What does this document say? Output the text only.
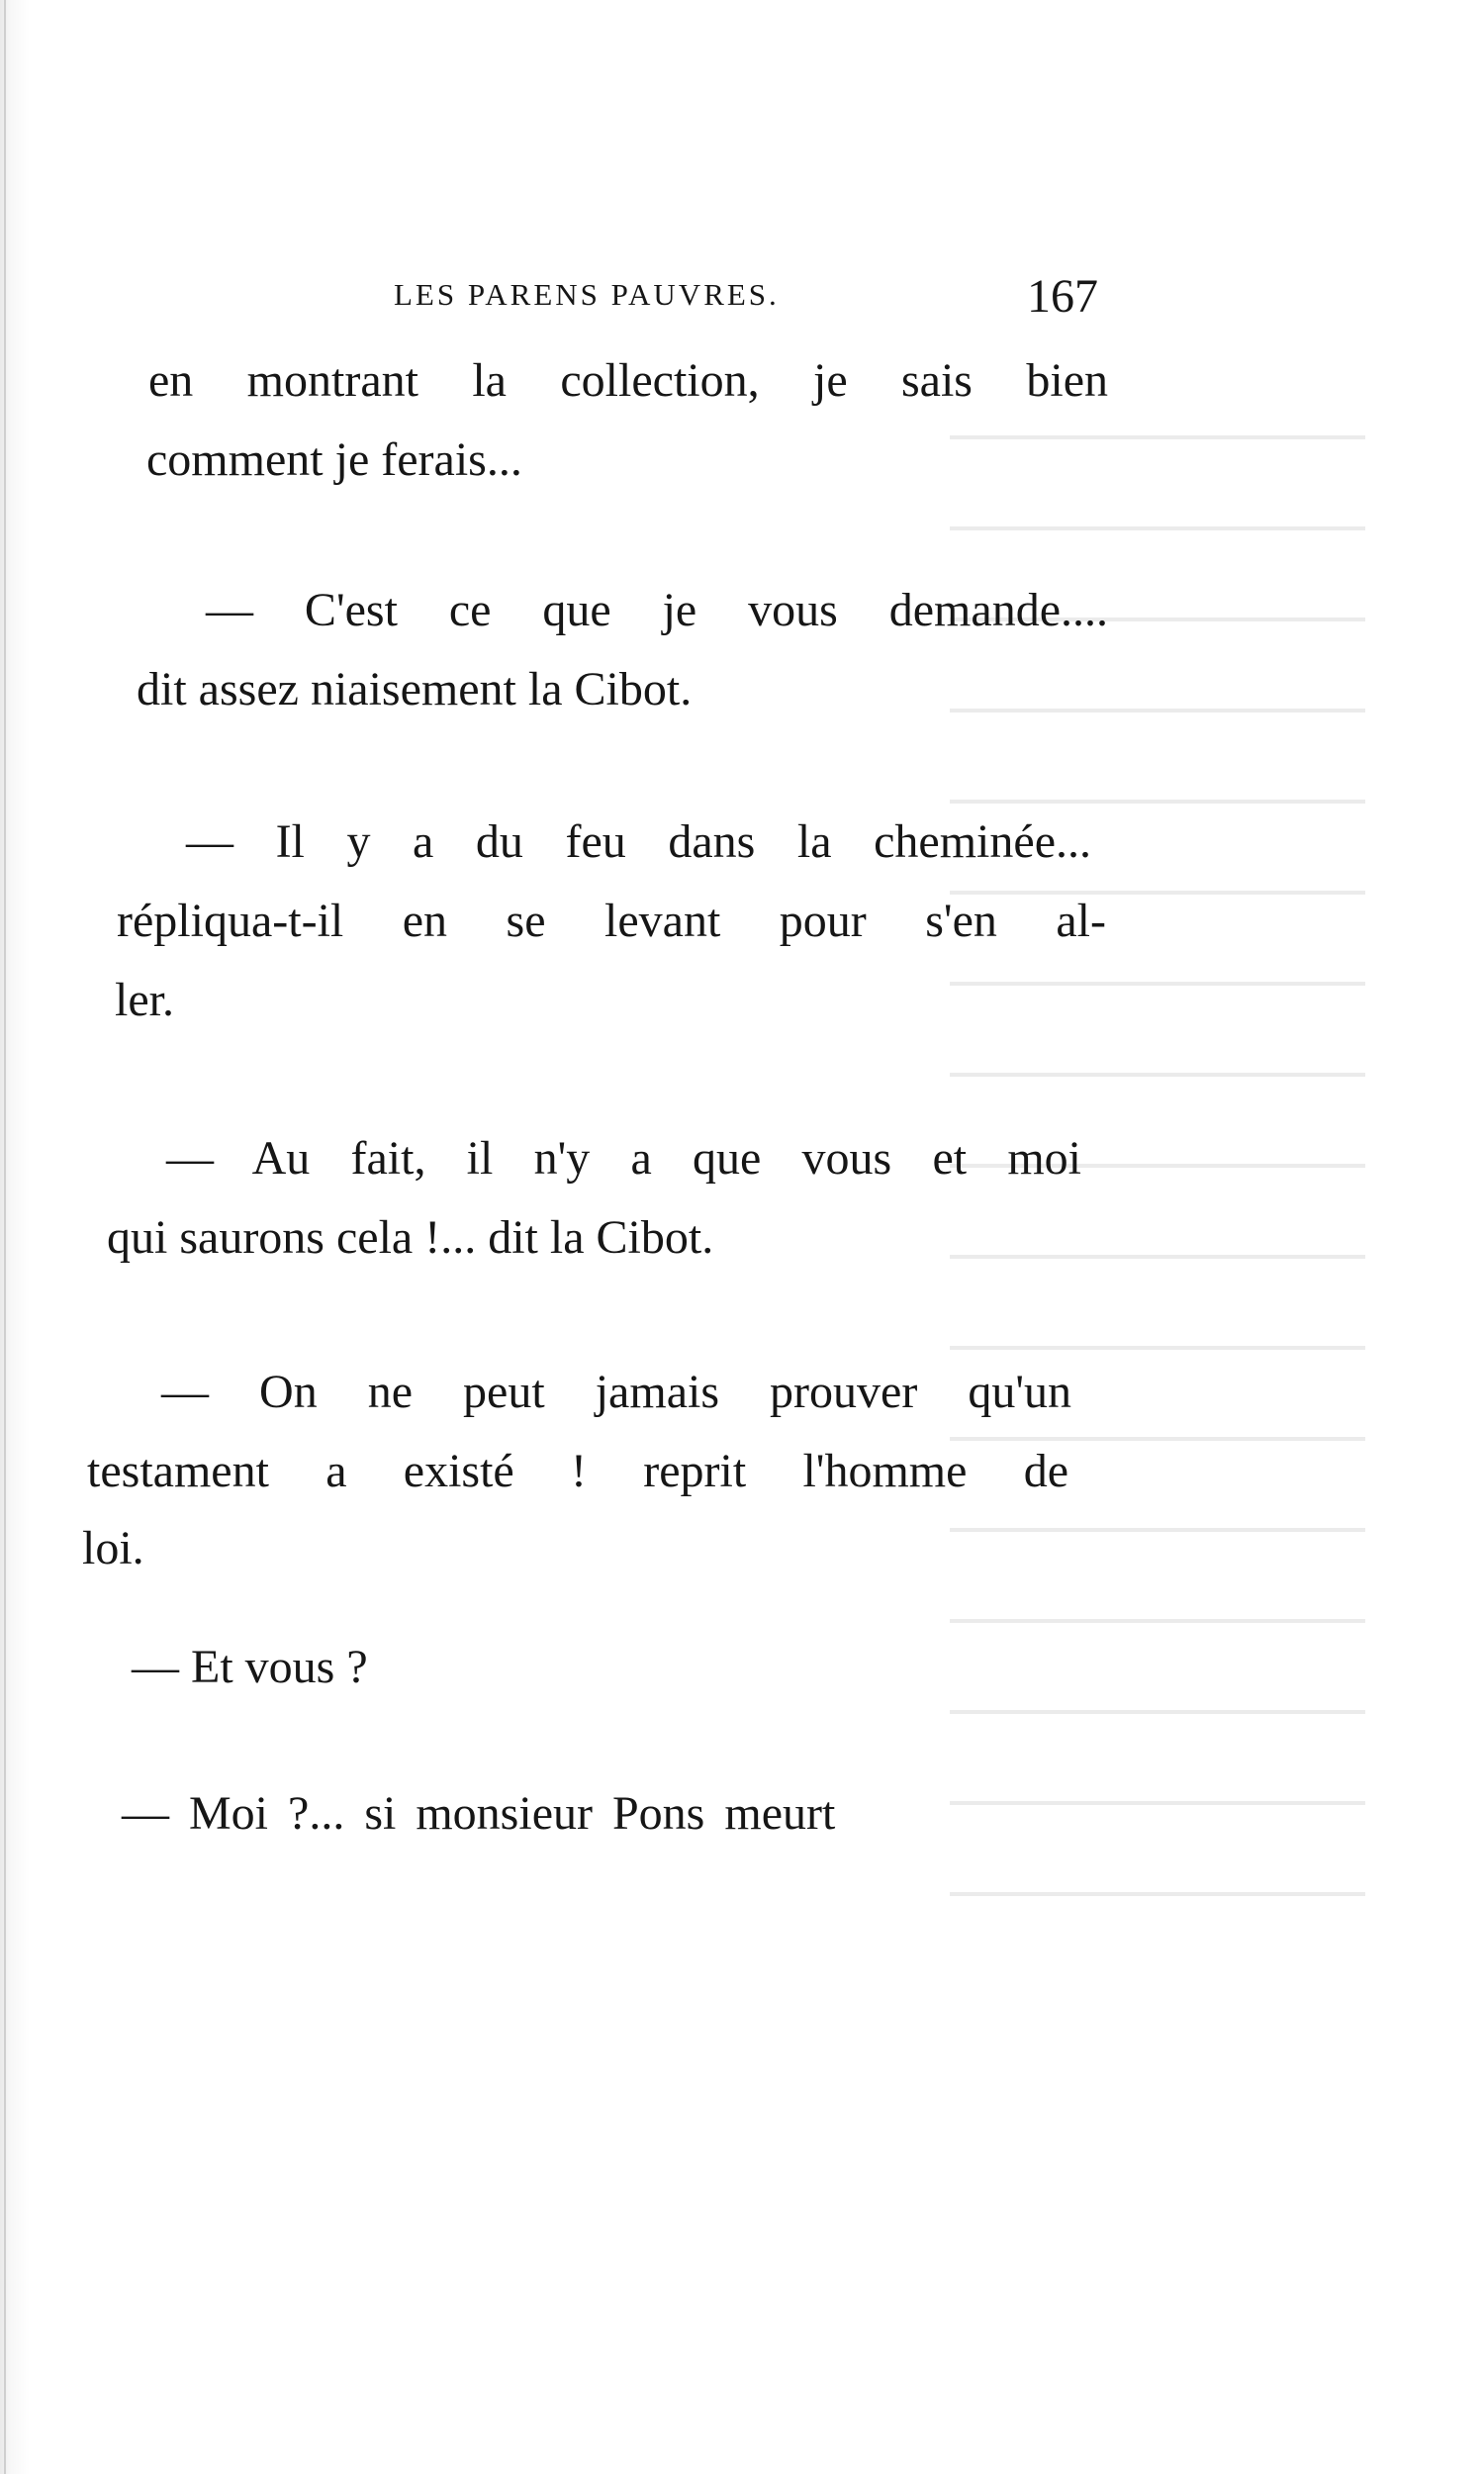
LES PARENS PAUVRES.	167
en montrant la collection, je sais bien
comment je ferais...
— C'est ce que je vous demande....
dit assez niaisement la Cibot.
— Il y a du feu dans la cheminée...
répliqua-t-il en se levant pour s'en al-
ler.
— Au fait, il n'y a que vous et moi
qui saurons cela !... dit la Cibot.
— On ne peut jamais prouver qu'un
testament a existé ! reprit l'homme de
loi.
— Et vous ?
— Moi ?... si monsieur Pons meurt
